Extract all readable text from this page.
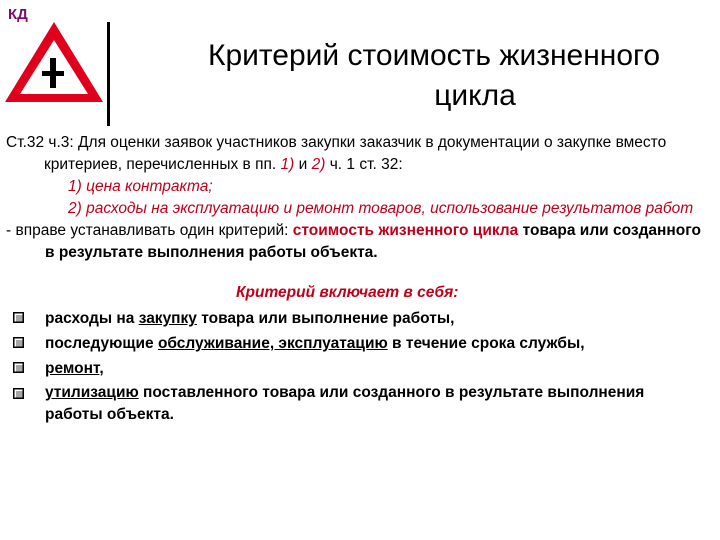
КД
Критерий стоимость жизненного
цикла

Ст.32 ч.3: Для оценки заявок участников закупки заказчик в документации о закупке вместо критериев, перечисленных в пп. 1) и 2) ч. 1 ст. 32:

1) цена контракта;

2) расходы на эксплуатацию и ремонт товаров, использование результатов работ

- вправе устанавливать один критерий: стоимость жизненного цикла товара или созданного в результате выполнения работы объекта.

Критерий включает в себя:

расходы на закупку товара или выполнение работы,
последующие обслуживание, эксплуатацию в течение срока службы,
ремонт,
утилизацию поставленного товара или созданного в результате выполнения работы объекта.
